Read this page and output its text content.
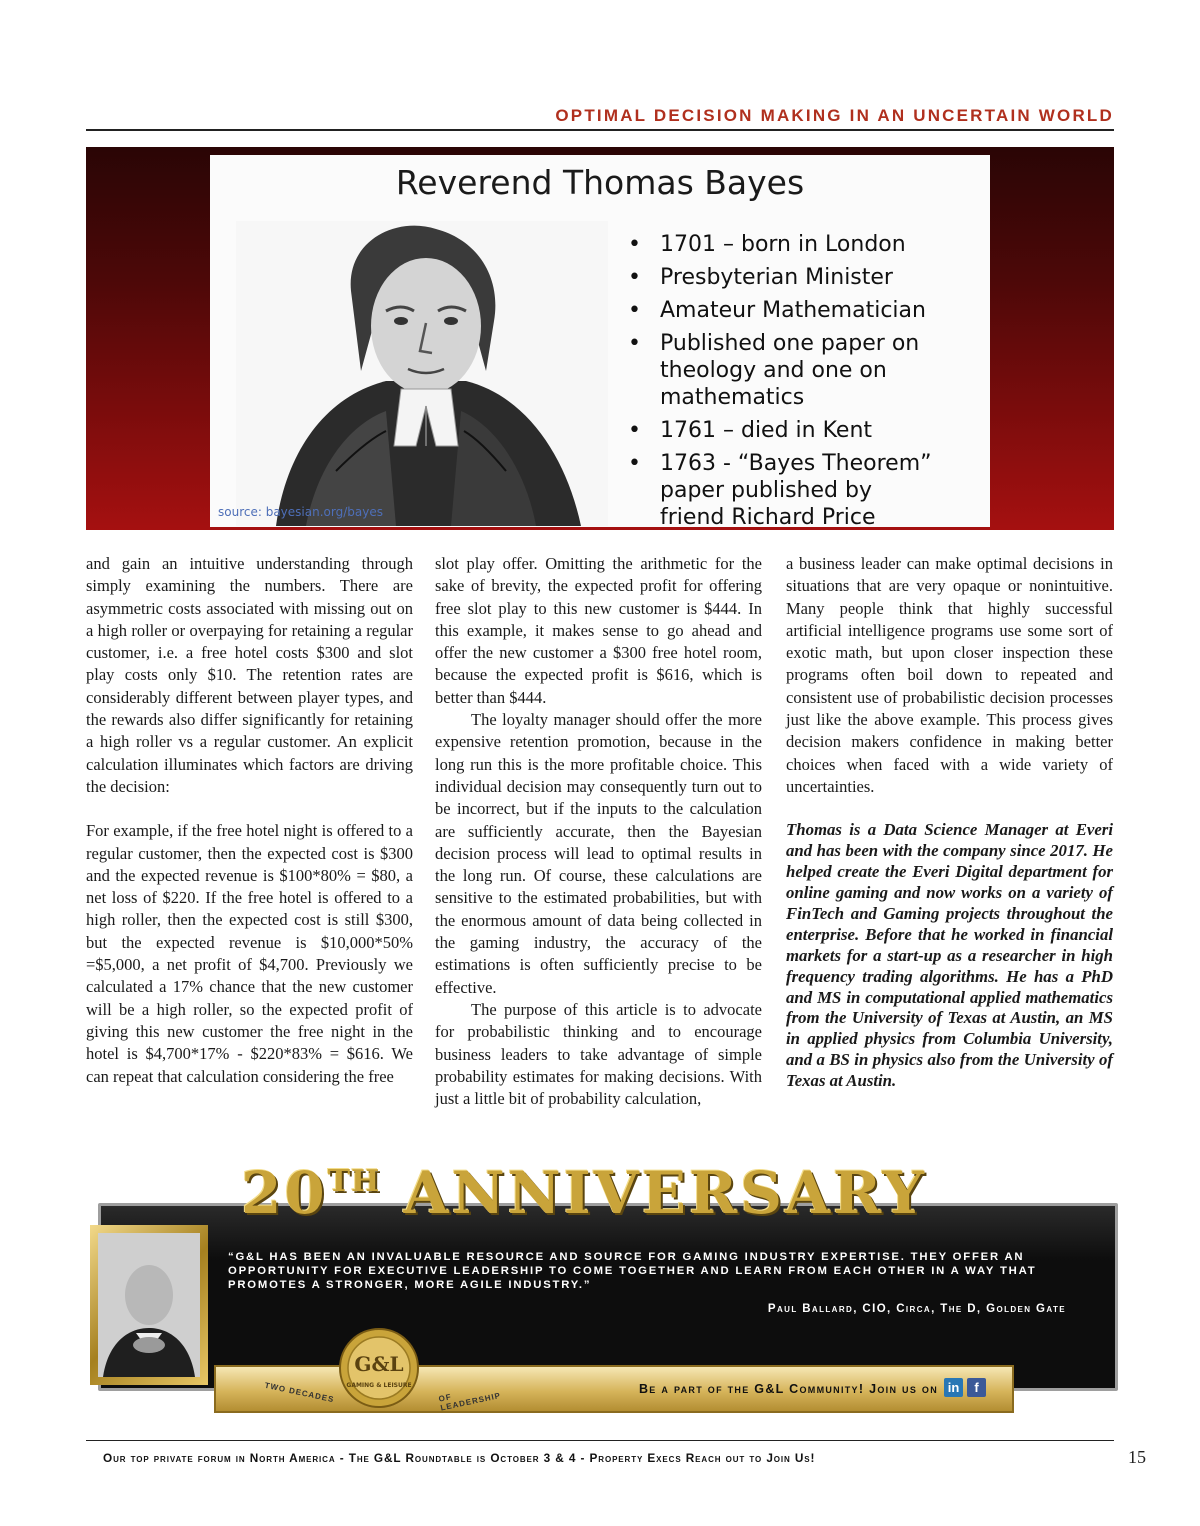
OPTIMAL DECISION MAKING IN AN UNCERTAIN WORLD
Reverend Thomas Bayes
• 1701 – born in London
• Presbyterian Minister
• Amateur Mathematician
• Published one paper on
theology and one on
mathematics
• 1761 – died in Kent
• 1763 - “Bayes Theorem”
paper published by
friend Richard Price
source: bayesian.org/bayes

and gain an intuitive understanding through simply examining the numbers. There are asymmetric costs associated with missing out on a high roller or overpaying for retaining a regular customer, i.e. a free hotel costs $300 and slot play costs only $10. The retention rates are considerably different between player types, and the rewards also differ significantly for retaining a high roller vs a regular customer. An explicit calculation illuminates which factors are driving the decision:

For example, if the free hotel night is offered to a regular customer, then the expected cost is $300 and the expected revenue is $100*80% = $80, a net loss of $220. If the free hotel is offered to a high roller, then the expected cost is still $300, but the expected revenue is $10,000*50% =$5,000, a net profit of $4,700. Previously we calculated a 17% chance that the new customer will be a high roller, so the expected profit of giving this new customer the free night in the hotel is $4,700*17% - $220*83% = $616. We can repeat that calculation considering the free

slot play offer. Omitting the arithmetic for the sake of brevity, the expected profit for offering free slot play to this new customer is $444. In this example, it makes sense to go ahead and offer the new customer a $300 free hotel room, because the expected profit is $616, which is better than $444.

The loyalty manager should offer the more expensive retention promotion, because in the long run this is the more profitable choice. This individual decision may consequently turn out to be incorrect, but if the inputs to the calculation are sufficiently accurate, then the Bayesian decision process will lead to optimal results in the long run. Of course, these calculations are sensitive to the estimated probabilities, but with the enormous amount of data being collected in the gaming industry, the accuracy of the estimations is often sufficiently precise to be effective.

The purpose of this article is to advocate for probabilistic thinking and to encourage business leaders to take advantage of simple probability estimates for making decisions. With just a little bit of probability calculation,

a business leader can make optimal decisions in situations that are very opaque or nonintuitive. Many people think that highly successful artificial intelligence programs use some sort of exotic math, but upon closer inspection these programs often boil down to repeated and consistent use of probabilistic decision processes just like the above example. This process gives decision makers confidence in making better choices when faced with a wide variety of uncertainties.

Thomas is a Data Science Manager at Everi and has been with the company since 2017. He helped create the Everi Digital department for online gaming and now works on a variety of FinTech and Gaming projects throughout the enterprise. Before that he worked in financial markets for a start-up as a researcher in high frequency trading algorithms. He has a PhD and MS in computational applied mathematics from the University of Texas at Austin, an MS in applied physics from Columbia University, and a BS in physics also from the University of Texas at Austin.

20TH ANNIVERSARY
“G&L HAS BEEN AN INVALUABLE RESOURCE AND SOURCE FOR GAMING INDUSTRY EXPERTISE. THEY OFFER AN OPPORTUNITY FOR EXECUTIVE LEADERSHIP TO COME TOGETHER AND LEARN FROM EACH OTHER IN A WAY THAT PROMOTES A STRONGER, MORE AGILE INDUSTRY.”
Paul Ballard, CIO, Circa, The D, Golden Gate
TWO DECADES	OF LEADERSHIP
Be a part of the G&L Community! Join us on in	f
G&L
GAMING & LEISURE
Our top private forum in North America - The G&L Roundtable is October 3 & 4 - Property Execs Reach out to Join Us!	15
